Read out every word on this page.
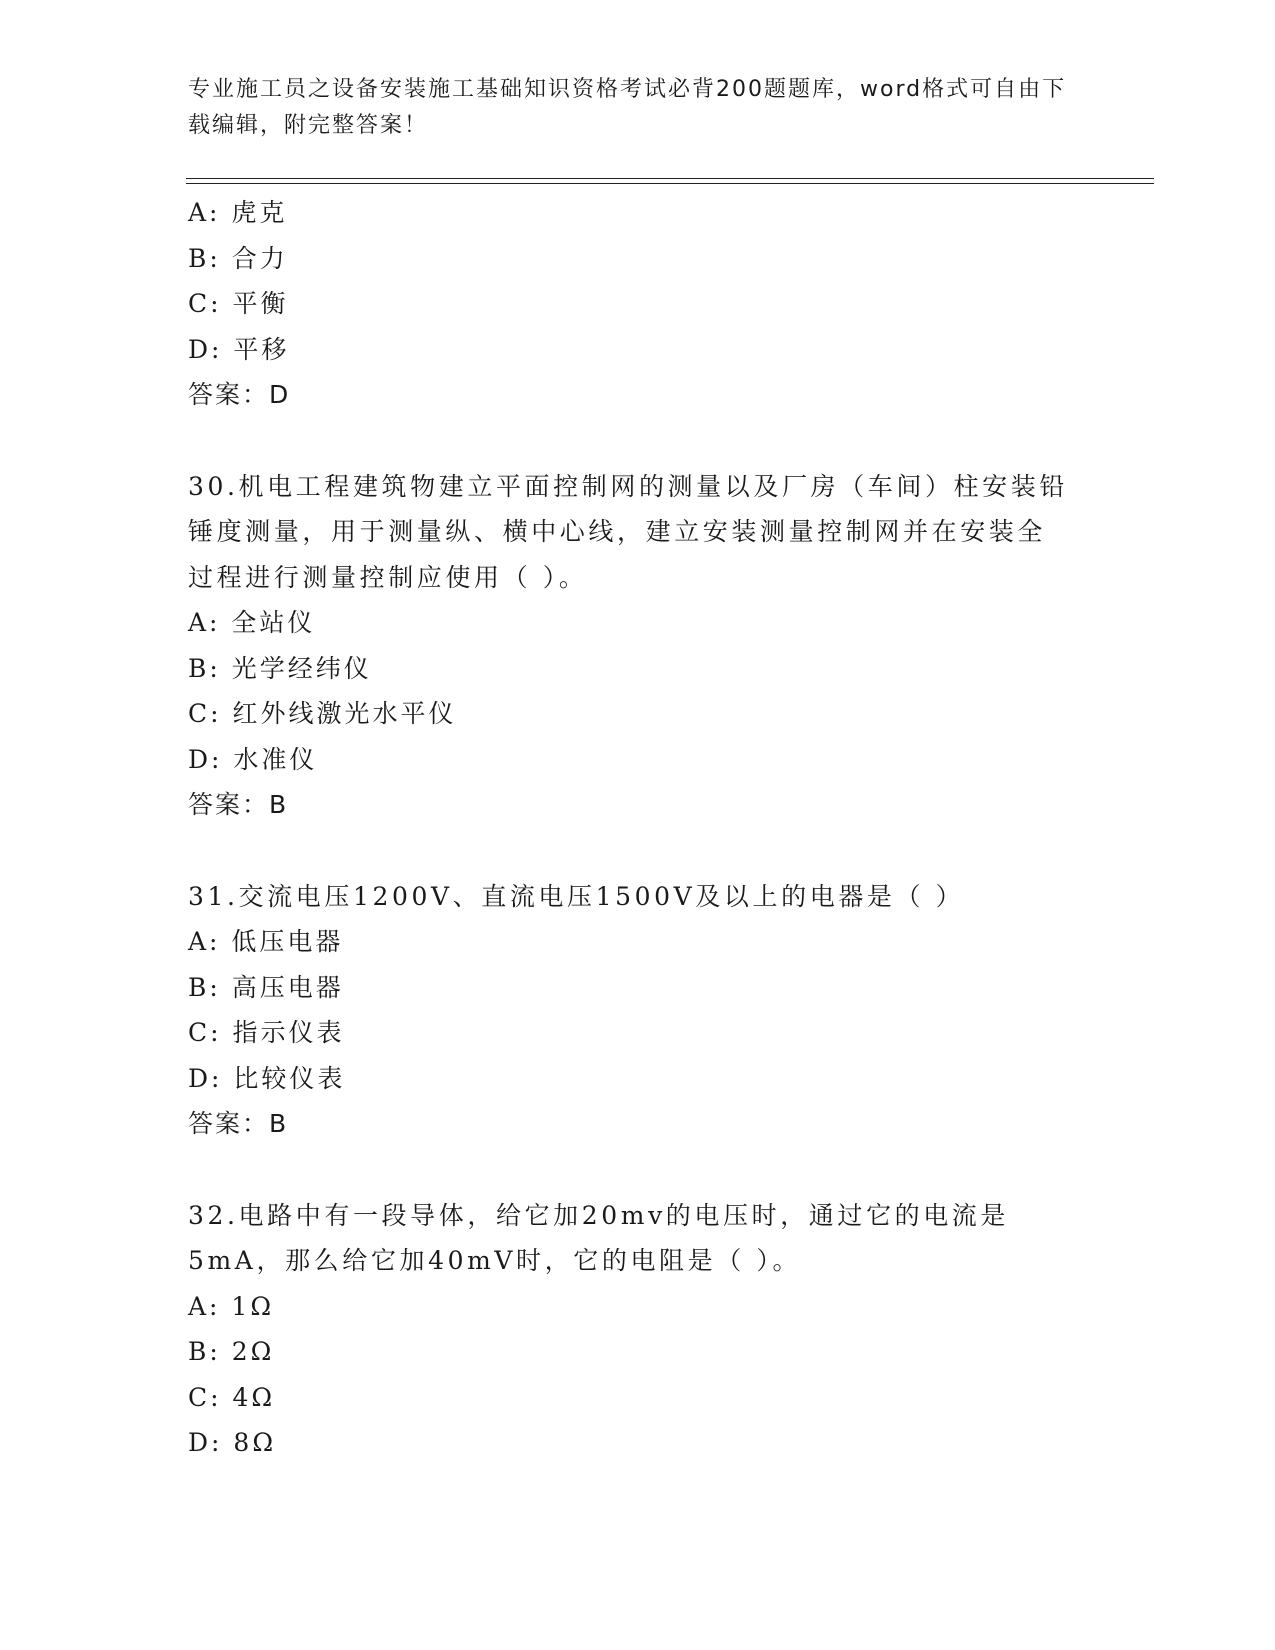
专业施工员之设备安装施工基础知识资格考试必背200题题库，word格式可自由下载编辑，附完整答案！
A: 虎克
B: 合力
C: 平衡
D: 平移
答案：D
30.机电工程建筑物建立平面控制网的测量以及厂房（车间）柱安装铅锤度测量，用于测量纵、横中心线，建立安装测量控制网并在安装全过程进行测量控制应使用（ ）。
A: 全站仪
B: 光学经纬仪
C: 红外线激光水平仪
D: 水准仪
答案：B
31.交流电压1200V、直流电压1500V及以上的电器是（ ）
A: 低压电器
B: 高压电器
C: 指示仪表
D: 比较仪表
答案：B
32.电路中有一段导体，给它加20mv的电压时，通过它的电流是5mA，那么给它加40mV时，它的电阻是（ ）。
A: 1Ω
B: 2Ω
C: 4Ω
D: 8Ω
